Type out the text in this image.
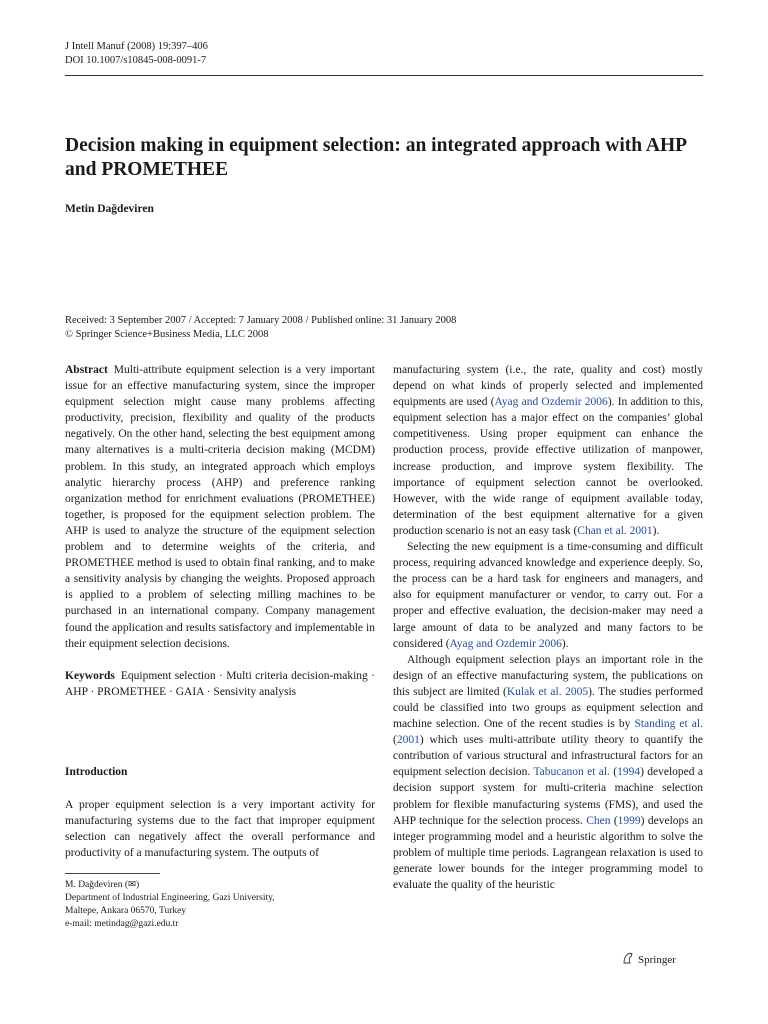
J Intell Manuf (2008) 19:397–406
DOI 10.1007/s10845-008-0091-7
Decision making in equipment selection: an integrated approach with AHP and PROMETHEE
Metin Dağdeviren
Received: 3 September 2007 / Accepted: 7 January 2008 / Published online: 31 January 2008
© Springer Science+Business Media, LLC 2008

Abstract Multi-attribute equipment selection is a very important issue for an effective manufacturing system, since the improper equipment selection might cause many problems affecting productivity, precision, flexibility and quality of the products negatively. On the other hand, selecting the best equipment among many alternatives is a multi-criteria decision making (MCDM) problem. In this study, an integrated approach which employs analytic hierarchy process (AHP) and preference ranking organization method for enrichment evaluations (PROMETHEE) together, is proposed for the equipment selection problem. The AHP is used to analyze the structure of the equipment selection problem and to determine weights of the criteria, and PROMETHEE method is used to obtain final ranking, and to make a sensitivity analysis by changing the weights. Proposed approach is applied to a problem of selecting milling machines to be purchased in an international company. Company management found the application and results satisfactory and implementable in their equipment selection decisions.

Keywords Equipment selection · Multi criteria decision-making · AHP · PROMETHEE · GAIA · Sensivity analysis

Introduction

A proper equipment selection is a very important activity for manufacturing systems due to the fact that improper equipment selection can negatively affect the overall performance and productivity of a manufacturing system. The outputs of

M. Dağdeviren (✉)
Department of Industrial Engineering, Gazi University,
Maltepe, Ankara 06570, Turkey
e-mail: metindag@gazi.edu.tr

manufacturing system (i.e., the rate, quality and cost) mostly depend on what kinds of properly selected and implemented equipments are used (Ayag and Ozdemir 2006). In addition to this, equipment selection has a major effect on the companies’ global competitiveness. Using proper equipment can enhance the production process, provide effective utilization of manpower, increase production, and improve system flexibility. The importance of equipment selection cannot be overlooked. However, with the wide range of equipment available today, determination of the best equipment alternative for a given production scenario is not an easy task (Chan et al. 2001).

Selecting the new equipment is a time-consuming and difficult process, requiring advanced knowledge and experience deeply. So, the process can be a hard task for engineers and managers, and also for equipment manufacturer or vendor, to carry out. For a proper and effective evaluation, the decision-maker may need a large amount of data to be analyzed and many factors to be considered (Ayag and Ozdemir 2006).

Although equipment selection plays an important role in the design of an effective manufacturing system, the publications on this subject are limited (Kulak et al. 2005). The studies performed could be classified into two groups as equipment selection and machine selection. One of the recent studies is by Standing et al. (2001) which uses multi-attribute utility theory to quantify the contribution of various structural and infrastructural factors for an equipment selection decision. Tabucanon et al. (1994) developed a decision support system for multi-criteria machine selection problem for flexible manufacturing systems (FMS), and used the AHP technique for the selection process. Chen (1999) develops an integer programming model and a heuristic algorithm to solve the problem of multiple time periods. Lagrangean relaxation is used to generate lower bounds for the integer programming model to evaluate the quality of the heuristic

Springer
